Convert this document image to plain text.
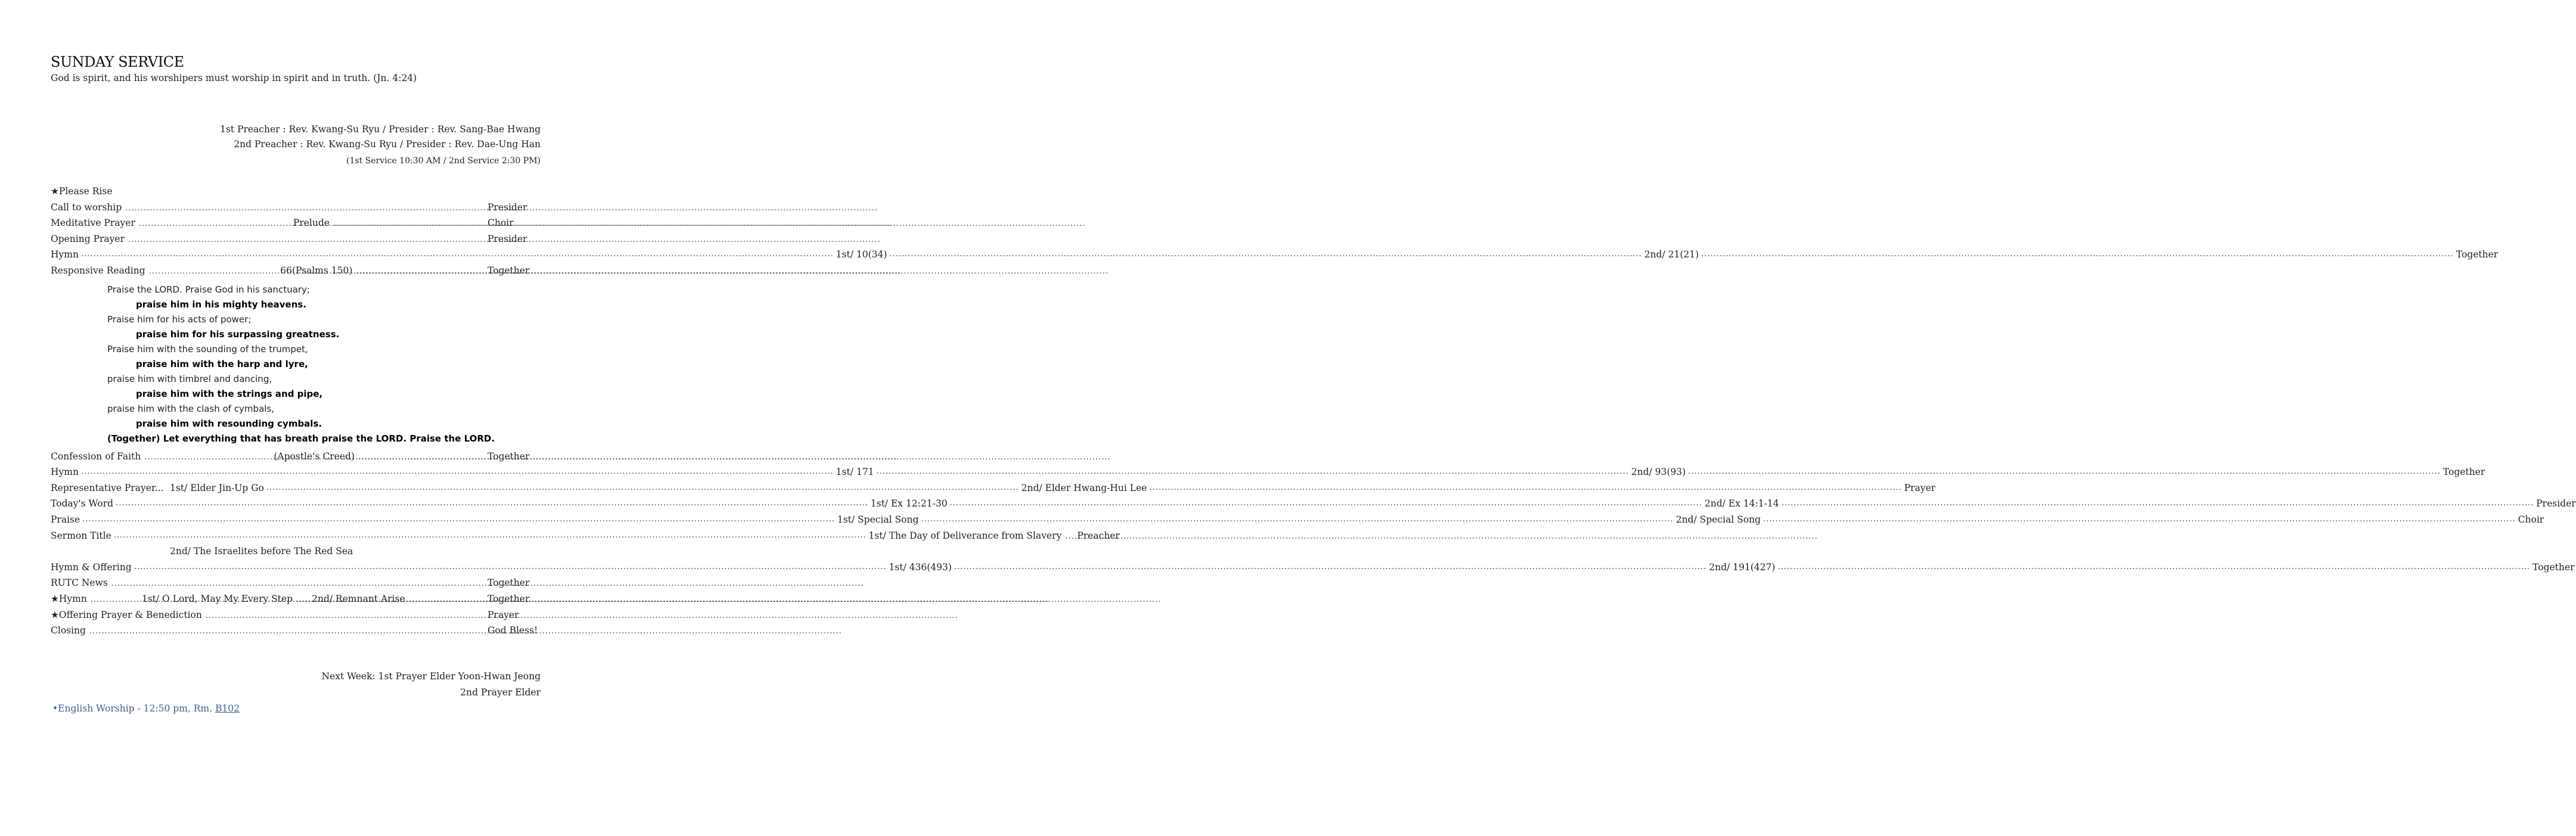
SUNDAY SERVICE
God is spirit, and his worshipers must worship in spirit and in truth. (Jn. 4:24)
1st Preacher : Rev. Kwang-Su Ryu / Presider : Rev. Sang-Bae Hwang
2nd Preacher : Rev. Kwang-Su Ryu / Presider : Rev. Dae-Ung Han
(1st Service 10:30 AM / 2nd Service 2:30 PM)
★Please Rise
Call to worship .....	Presider
Meditative Prayer .....	Prelude .....	Choir
Opening Prayer .....	Presider
Hymn .....	1st/ 10(34) .....	2nd/ 21(21) .....	Together
Responsive Reading .....	66(Psalms 150) .....	Together
Praise the LORD. Praise God in his sanctuary;
praise him in his mighty heavens.
Praise him for his acts of power;
praise him for his surpassing greatness.
Praise him with the sounding of the trumpet,
praise him with the harp and lyre,
praise him with timbrel and dancing,
praise him with the strings and pipe,
praise him with the clash of cymbals,
praise him with resounding cymbals.
(Together) Let everything that has breath praise the LORD. Praise the LORD.
Confession of Faith .....	(Apostle's Creed) .....	Together
Hymn .....	1st/ 171 .....	2nd/ 93(93) .....	Together
Representative Prayer... 1st/ Elder Jin-Up Go .....	2nd/ Elder Hwang-Hui Lee .....	Prayer
Today's Word .....	1st/ Ex 12:21-30 .....	2nd/ Ex 14:1-14 .....	Presider
Praise .....	1st/ Special Song .....	2nd/ Special Song .....	Choir
Sermon Title .....	1st/ The Day of Deliverance from Slavery ..... Preacher
2nd/ The Israelites before The Red Sea
Hymn & Offering .....	1st/ 436(493) .....	2nd/ 191(427) .....	Together
RUTC News .....	Together
★Hymn .....	1st/ O Lord, May My Every Step ..... 2nd/ Remnant Arise .....	Together
★Offering Prayer & Benediction .....	Prayer
Closing .....	God Bless!
Next Week: 1st Prayer Elder Yoon-Hwan Jeong
2nd Prayer Elder
•English Worship - 12:50 pm, Rm. B102
